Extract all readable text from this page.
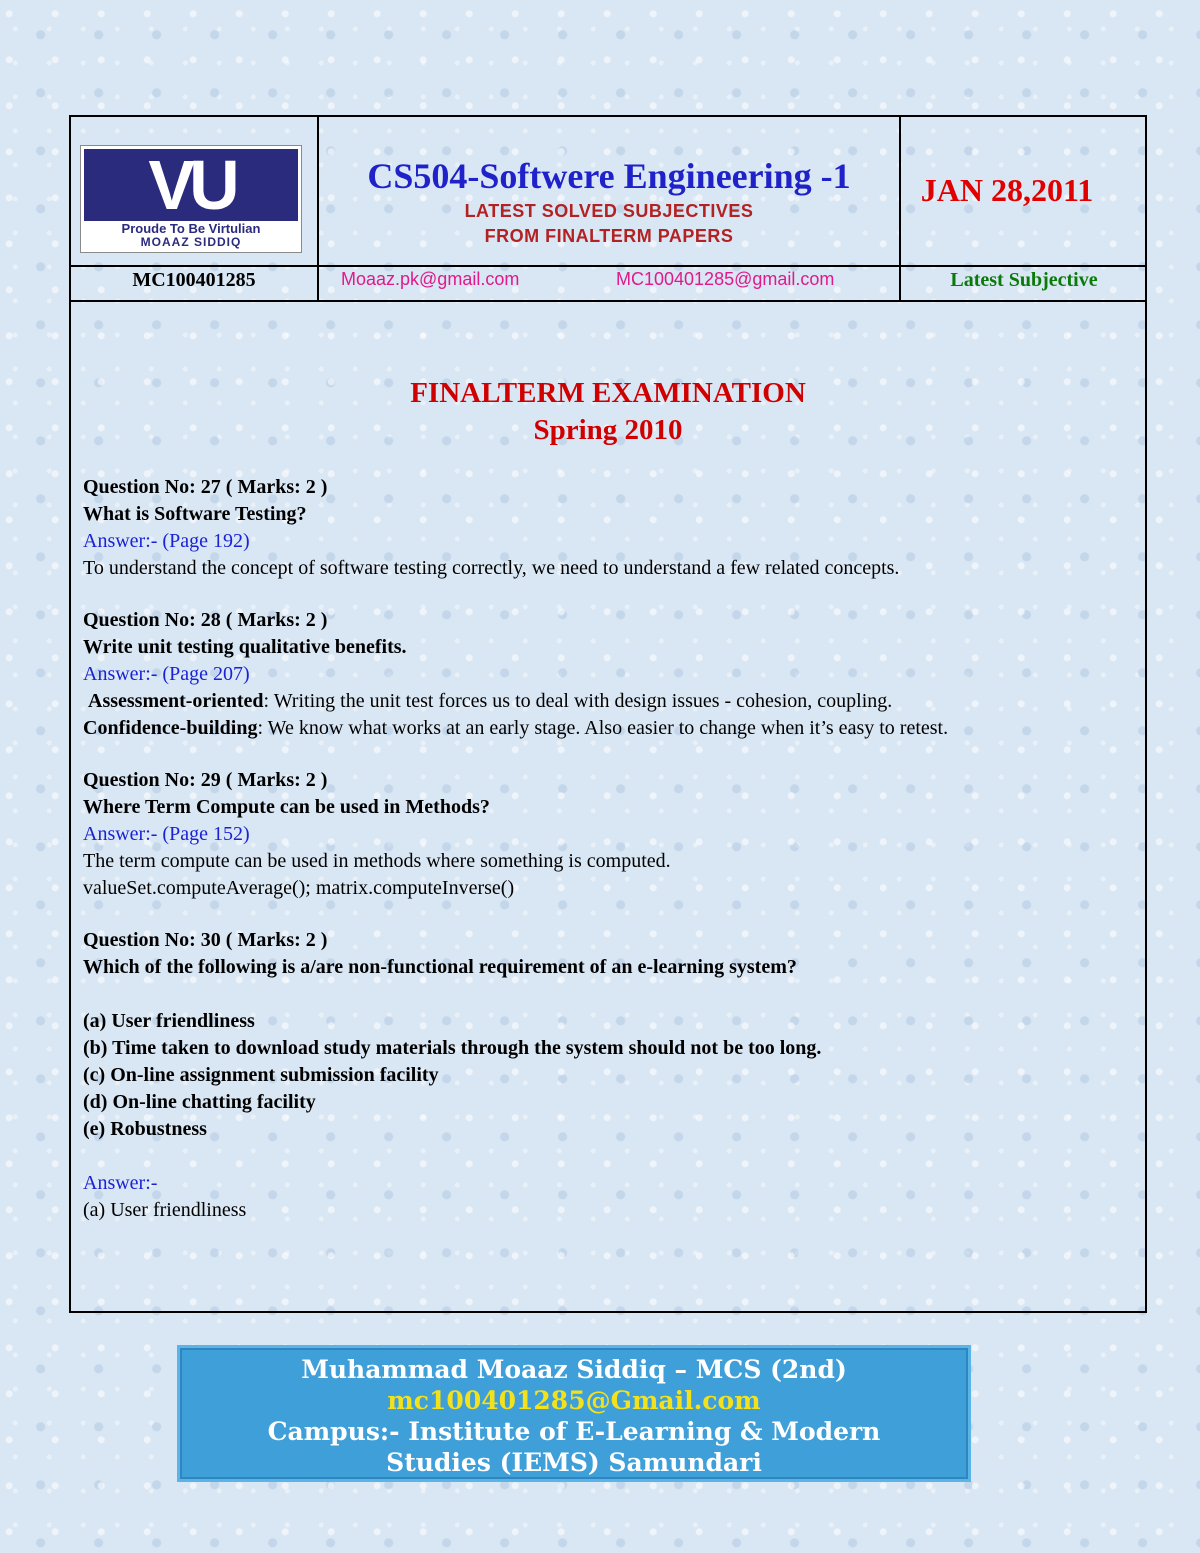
VU
Proude To Be Virtulian
MOAAZ SIDDIQ
CS504-Softwere Engineering -1
LATEST SOLVED SUBJECTIVES
FROM FINALTERM PAPERS
JAN 28,2011
MC100401285	Moaaz.pk@gmail.com	MC100401285@gmail.com	Latest Subjective
FINALTERM EXAMINATION
Spring 2010
Question No: 27 ( Marks: 2 )
What is Software Testing?
Answer:- (Page 192)
To understand the concept of software testing correctly, we need to understand a few related concepts.
Question No: 28 ( Marks: 2 )
Write unit testing qualitative benefits.
Answer:- (Page 207)
Assessment-oriented: Writing the unit test forces us to deal with design issues - cohesion, coupling.
Confidence-building: We know what works at an early stage. Also easier to change when it’s easy to retest.
Question No: 29 ( Marks: 2 )
Where Term Compute can be used in Methods?
Answer:- (Page 152)
The term compute can be used in methods where something is computed.
valueSet.computeAverage(); matrix.computeInverse()
Question No: 30 ( Marks: 2 )
Which of the following is a/are non-functional requirement of an e-learning system?
(a) User friendliness
(b) Time taken to download study materials through the system should not be too long.
(c) On-line assignment submission facility
(d) On-line chatting facility
(e) Robustness
Answer:-
(a) User friendliness
Muhammad Moaaz Siddiq – MCS (2nd)
mc100401285@Gmail.com
Campus:- Institute of E-Learning & Modern
Studies (IEMS) Samundari
